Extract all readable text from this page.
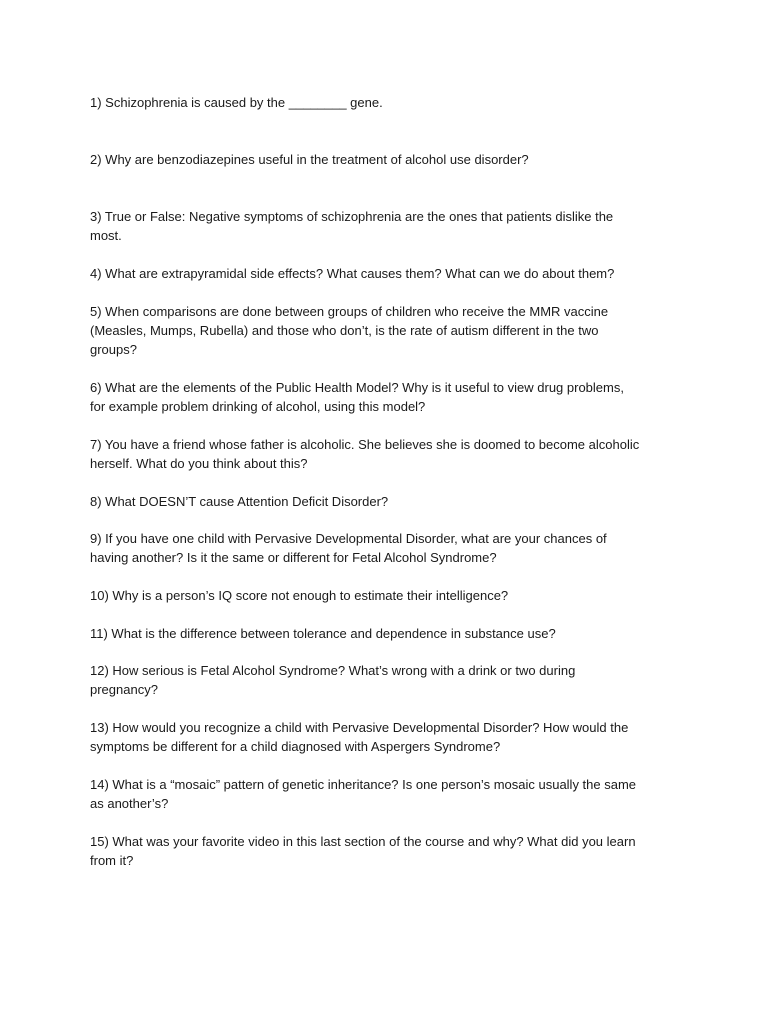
1) Schizophrenia is caused by the ________ gene.

2) Why are benzodiazepines useful in the treatment of alcohol use disorder?

3) True or False: Negative symptoms of schizophrenia are the ones that patients dislike the
most.

4) What are extrapyramidal side effects? What causes them? What can we do about them?

5) When comparisons are done between groups of children who receive the MMR vaccine
(Measles, Mumps, Rubella) and those who don’t, is the rate of autism different in the two
groups?

6) What are the elements of the Public Health Model? Why is it useful to view drug problems,
for example problem drinking of alcohol, using this model?

7) You have a friend whose father is alcoholic. She believes she is doomed to become alcoholic
herself. What do you think about this?

8) What DOESN’T cause Attention Deficit Disorder?

9) If you have one child with Pervasive Developmental Disorder, what are your chances of
having another? Is it the same or different for Fetal Alcohol Syndrome?

10) Why is a person’s IQ score not enough to estimate their intelligence?

11) What is the difference between tolerance and dependence in substance use?

12) How serious is Fetal Alcohol Syndrome? What’s wrong with a drink or two during
pregnancy?

13) How would you recognize a child with Pervasive Developmental Disorder? How would the
symptoms be different for a child diagnosed with Aspergers Syndrome?

14) What is a “mosaic” pattern of genetic inheritance? Is one person’s mosaic usually the same
as another’s?

15) What was your favorite video in this last section of the course and why? What did you learn
from it?
